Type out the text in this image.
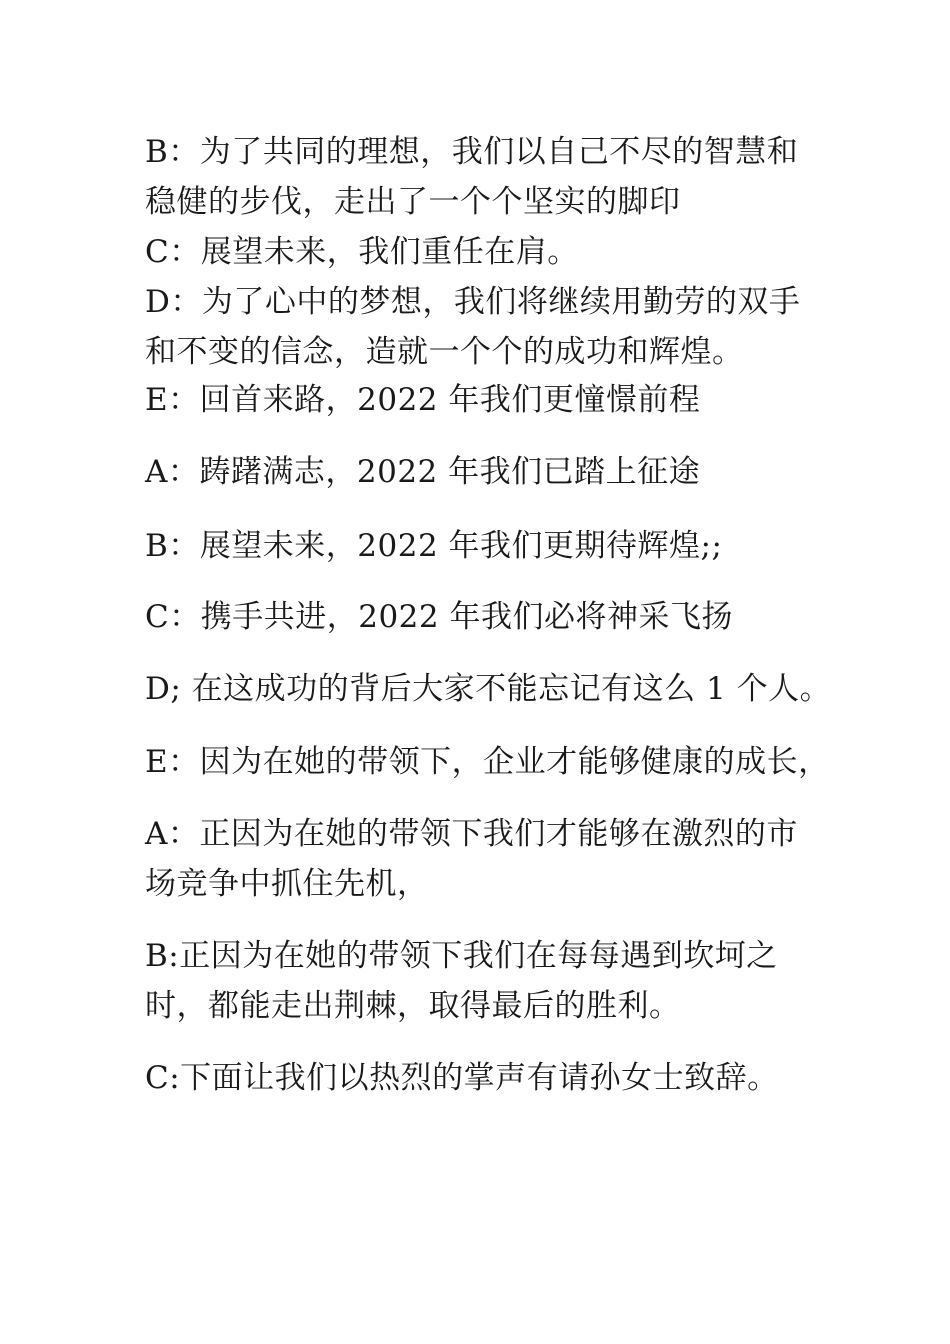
B：为了共同的理想，我们以自己不尽的智慧和
稳健的步伐，走出了一个个坚实的脚印
C：展望未来，我们重任在肩。
D：为了心中的梦想，我们将继续用勤劳的双手
和不变的信念，造就一个个的成功和辉煌。
E：回首来路，2022 年我们更憧憬前程
A：踌躇满志，2022 年我们已踏上征途
B：展望未来，2022 年我们更期待辉煌;;
C：携手共进，2022 年我们必将神采飞扬
D; 在这成功的背后大家不能忘记有这么 1 个人。
E：因为在她的带领下，企业才能够健康的成长，
A：正因为在她的带领下我们才能够在激烈的市
场竞争中抓住先机，
B:正因为在她的带领下我们在每每遇到坎坷之
时，都能走出荆棘，取得最后的胜利。
C:下面让我们以热烈的掌声有请孙女士致辞。
